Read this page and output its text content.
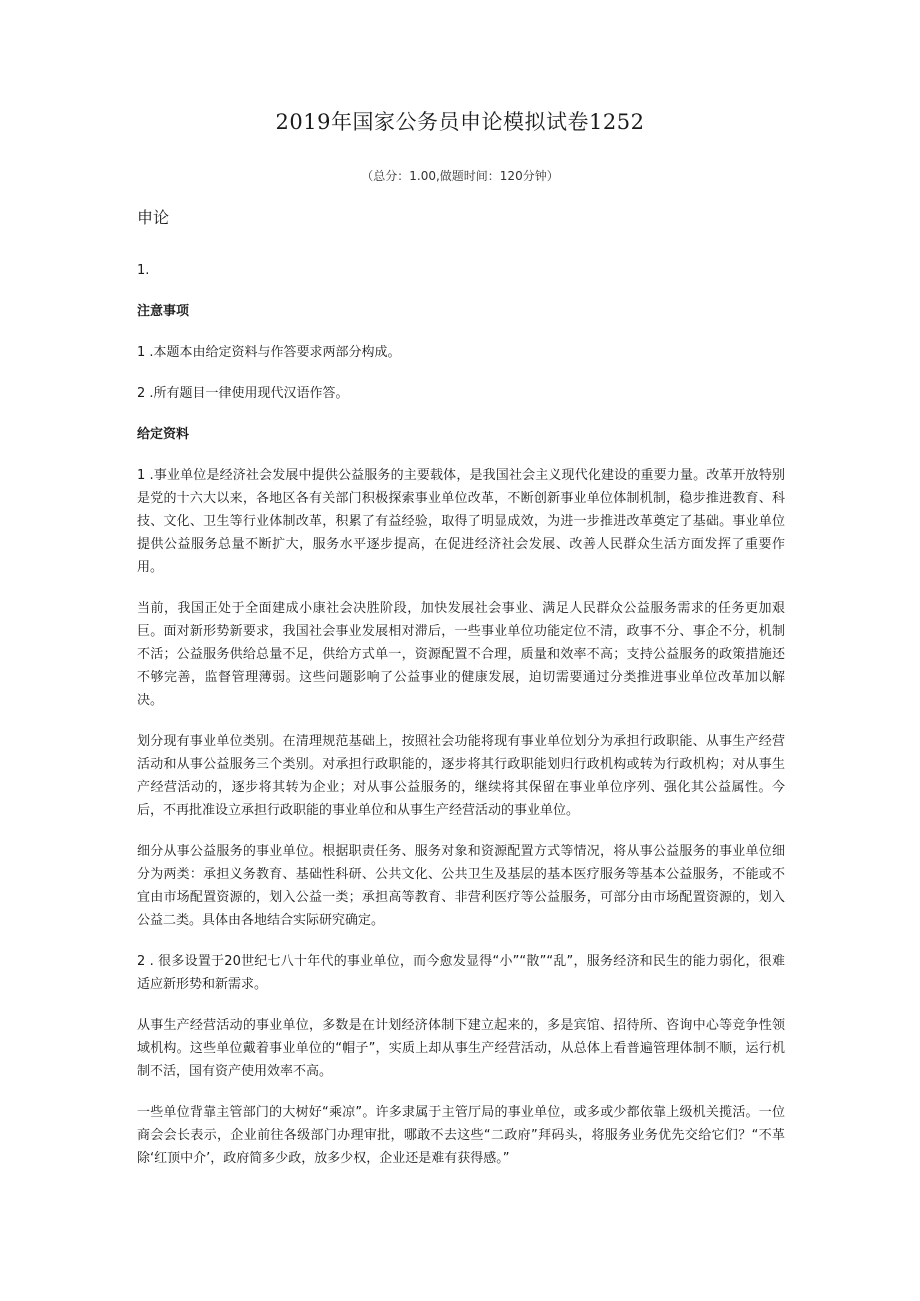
2019年国家公务员申论模拟试卷1252
（总分：1.00,做题时间：120分钟）
申论

1.

注意事项

1 .本题本由给定资料与作答要求两部分构成。

2 .所有题目一律使用现代汉语作答。

给定资料

1 .事业单位是经济社会发展中提供公益服务的主要载体，是我国社会主义现代化建设的重要力量。改革开放特别是党的十六大以来，各地区各有关部门积极探索事业单位改革，不断创新事业单位体制机制，稳步推进教育、科技、文化、卫生等行业体制改革，积累了有益经验，取得了明显成效，为进一步推进改革奠定了基础。事业单位提供公益服务总量不断扩大，服务水平逐步提高，在促进经济社会发展、改善人民群众生活方面发挥了重要作用。

当前，我国正处于全面建成小康社会决胜阶段，加快发展社会事业、满足人民群众公益服务需求的任务更加艰巨。面对新形势新要求，我国社会事业发展相对滞后，一些事业单位功能定位不清，政事不分、事企不分，机制不活；公益服务供给总量不足，供给方式单一，资源配置不合理，质量和效率不高；支持公益服务的政策措施还不够完善，监督管理薄弱。这些问题影响了公益事业的健康发展，迫切需要通过分类推进事业单位改革加以解决。

划分现有事业单位类别。在清理规范基础上，按照社会功能将现有事业单位划分为承担行政职能、从事生产经营活动和从事公益服务三个类别。对承担行政职能的，逐步将其行政职能划归行政机构或转为行政机构；对从事生产经营活动的，逐步将其转为企业；对从事公益服务的，继续将其保留在事业单位序列、强化其公益属性。今后，不再批准设立承担行政职能的事业单位和从事生产经营活动的事业单位。

细分从事公益服务的事业单位。根据职责任务、服务对象和资源配置方式等情况，将从事公益服务的事业单位细分为两类：承担义务教育、基础性科研、公共文化、公共卫生及基层的基本医疗服务等基本公益服务，不能或不宜由市场配置资源的，划入公益一类；承担高等教育、非营利医疗等公益服务，可部分由市场配置资源的，划入公益二类。具体由各地结合实际研究确定。

2 . 很多设置于20世纪七八十年代的事业单位，而今愈发显得“小”“散”“乱”，服务经济和民生的能力弱化，很难适应新形势和新需求。

从事生产经营活动的事业单位，多数是在计划经济体制下建立起来的，多是宾馆、招待所、咨询中心等竞争性领域机构。这些单位戴着事业单位的“帽子”，实质上却从事生产经营活动，从总体上看普遍管理体制不顺，运行机制不活，国有资产使用效率不高。

一些单位背靠主管部门的大树好“乘凉”。许多隶属于主管厅局的事业单位，或多或少都依靠上级机关揽活。一位商会会长表示，企业前往各级部门办理审批，哪敢不去这些“二政府”拜码头，将服务业务优先交给它们？“不革除‘红顶中介’，政府简多少政，放多少权，企业还是难有获得感。”
